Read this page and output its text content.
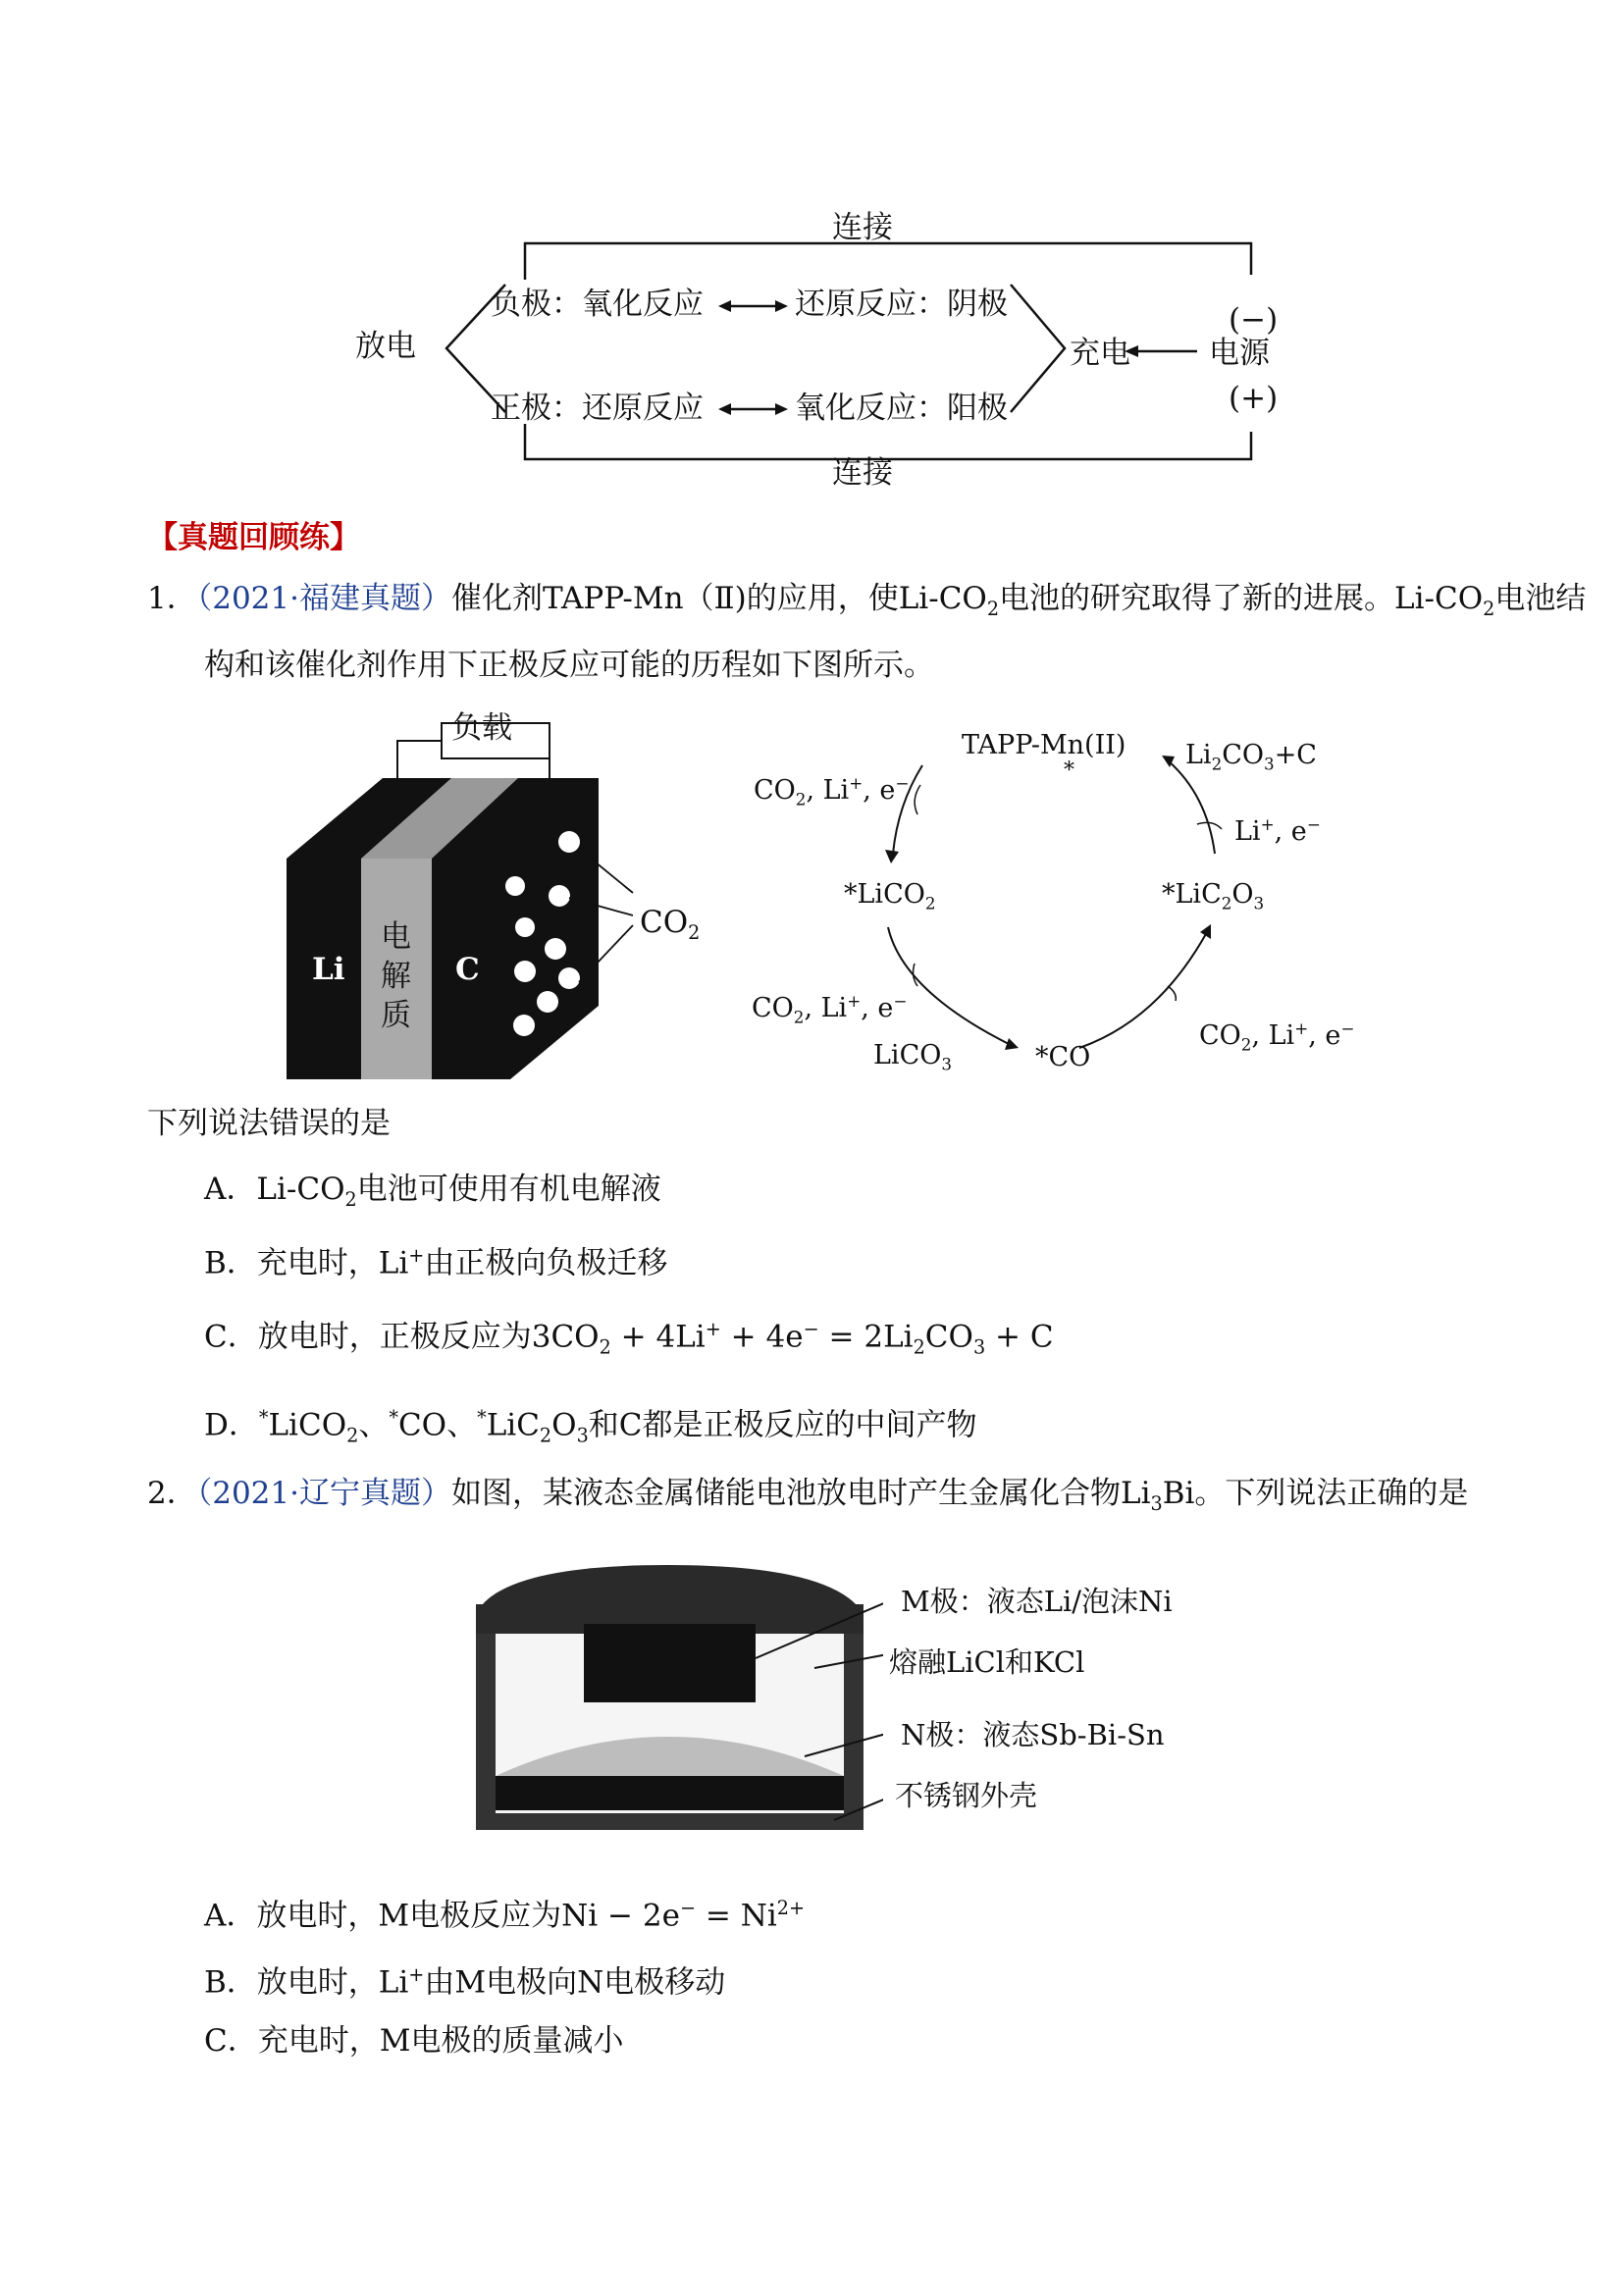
连接
连接
放电
负极：氧化反应	还原反应：阴极
正极：还原反应	氧化反应：阳极
充电	电源
(−)
(+)
【真题回顾练】
1．（2021·福建真题）催化剂TAPP-Mn（Ⅱ)的应用，使$Li-CO_2$电池的研究取得了新的进展。$Li-CO_2$电池结
构和该催化剂作用下正极反应可能的历程如下图所示。
负载
Li
电
解
质
C
$CO_2$
TAPP-Mn(II)
*
$Li_2CO_3+C$
Li+, e−
$*LiC_2O_3$
*LiCO$_2$
*CO
LiCO$_3$
$CO_2$, Li+, e−
$CO_2$, Li+, e−
$CO_2$, Li+, e−
下列说法错误的是
A．$Li-CO_2$电池可使用有机电解液
B．充电时，Li+由正极向负极迁移
C．放电时，正极反应为$3CO_2 + 4Li^+ + 4e^- = 2Li_2CO_3 + C$
D．*LiCO$_2$、*CO、$^*LiC_2O_3$和C都是正极反应的中间产物
2．（2021·辽宁真题）如图，某液态金属储能电池放电时产生金属化合物$Li_3Bi$。下列说法正确的是
M极：液态Li/泡沫Ni
熔融LiCl和KCl
N极：液态Sb-Bi-Sn
不锈钢外壳
A．放电时，M电极反应为$Ni - 2e^- = Ni^{2+}$
B．放电时，Li+由M电极向N电极移动
C．充电时，M电极的质量减小
